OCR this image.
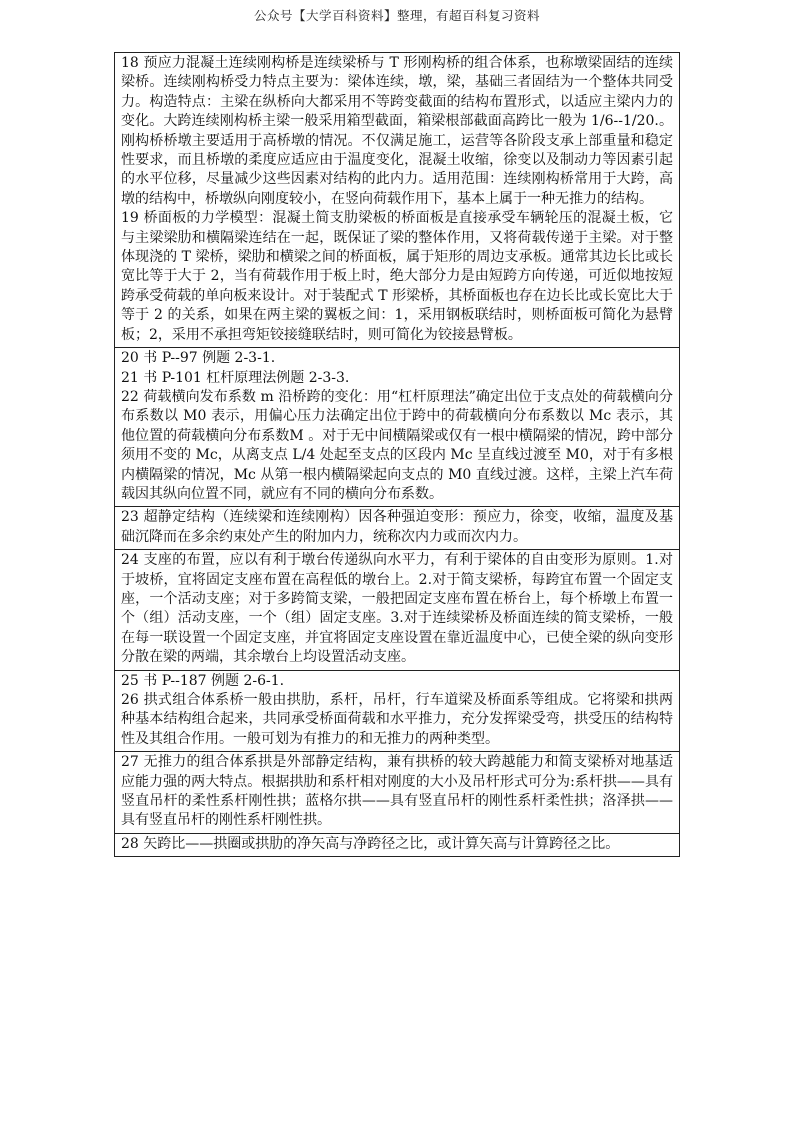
公众号【大学百科资料】整理，有超百科复习资料

18 预应力混凝土连续刚构桥是连续梁桥与 T 形刚构桥的组合体系，也称墩梁固结的连续梁桥。连续刚构桥受力特点主要为：梁体连续，墩，梁，基础三者固结为一个整体共同受力。构造特点：主梁在纵桥向大都采用不等跨变截面的结构布置形式，以适应主梁内力的变化。大跨连续刚构桥主梁一般采用箱型截面，箱梁根部截面高跨比一般为 1/6--1/20.。刚构桥桥墩主要适用于高桥墩的情况。不仅满足施工，运营等各阶段支承上部重量和稳定性要求，而且桥墩的柔度应适应由于温度变化，混凝土收缩，徐变以及制动力等因素引起的水平位移，尽量减少这些因素对结构的此内力。适用范围：连续刚构桥常用于大跨，高墩的结构中，桥墩纵向刚度较小，在竖向荷载作用下，基本上属于一种无推力的结构。

19 桥面板的力学模型：混凝土简支肋梁板的桥面板是直接承受车辆轮压的混凝土板，它与主梁梁肋和横隔梁连结在一起，既保证了梁的整体作用，又将荷载传递于主梁。对于整体现浇的 T 梁桥，梁肋和横梁之间的桥面板，属于矩形的周边支承板。通常其边长比或长宽比等于大于 2，当有荷载作用于板上时，绝大部分力是由短跨方向传递，可近似地按短跨承受荷载的单向板来设计。对于装配式 T 形梁桥，其桥面板也存在边长比或长宽比大于等于 2 的关系，如果在两主梁的翼板之间：1，采用钢板联结时，则桥面板可简化为悬臂板；2，采用不承担弯矩铰接缝联结时，则可简化为铰接悬臂板。

20 书 P--97 例题 2-3-1.

21 书 P-101 杠杆原理法例题 2-3-3.

22 荷载横向发布系数 m 沿桥跨的变化：用“杠杆原理法”确定出位于支点处的荷载横向分布系数以 M0 表示，用偏心压力法确定出位于跨中的荷载横向分布系数以 Mc 表示，其他位置的荷载横向分布系数M 。对于无中间横隔梁或仅有一根中横隔梁的情况，跨中部分须用不变的 Mc，从离支点 L/4 处起至支点的区段内 Mc 呈直线过渡至 M0，对于有多根内横隔梁的情况，Mc 从第一根内横隔梁起向支点的 M0 直线过渡。这样，主梁上汽车荷载因其纵向位置不同，就应有不同的横向分布系数。

23 超静定结构（连续梁和连续刚构）因各种强迫变形：预应力，徐变，收缩，温度及基础沉降而在多余约束处产生的附加内力，统称次内力或而次内力。

24 支座的布置，应以有利于墩台传递纵向水平力，有利于梁体的自由变形为原则。1.对于坡桥，宜将固定支座布置在高程低的墩台上。2.对于简支梁桥，每跨宜布置一个固定支座，一个活动支座；对于多跨简支梁，一般把固定支座布置在桥台上，每个桥墩上布置一个（组）活动支座，一个（组）固定支座。3.对于连续梁桥及桥面连续的简支梁桥，一般在每一联设置一个固定支座，并宜将固定支座设置在靠近温度中心，已使全梁的纵向变形分散在梁的两端，其余墩台上均设置活动支座。

25 书 P--187 例题 2-6-1.

26 拱式组合体系桥一般由拱肋，系杆，吊杆，行车道梁及桥面系等组成。它将梁和拱两种基本结构组合起来，共同承受桥面荷载和水平推力，充分发挥梁受弯，拱受压的结构特性及其组合作用。一般可划为有推力的和无推力的两种类型。

27 无推力的组合体系拱是外部静定结构，兼有拱桥的较大跨越能力和简支梁桥对地基适应能力强的两大特点。根据拱肋和系杆相对刚度的大小及吊杆形式可分为:系杆拱——具有竖直吊杆的柔性系杆刚性拱；蓝格尔拱——具有竖直吊杆的刚性系杆柔性拱；洛泽拱——具有竖直吊杆的刚性系杆刚性拱。

28 矢跨比——拱圈或拱肋的净矢高与净跨径之比，或计算矢高与计算跨径之比。
